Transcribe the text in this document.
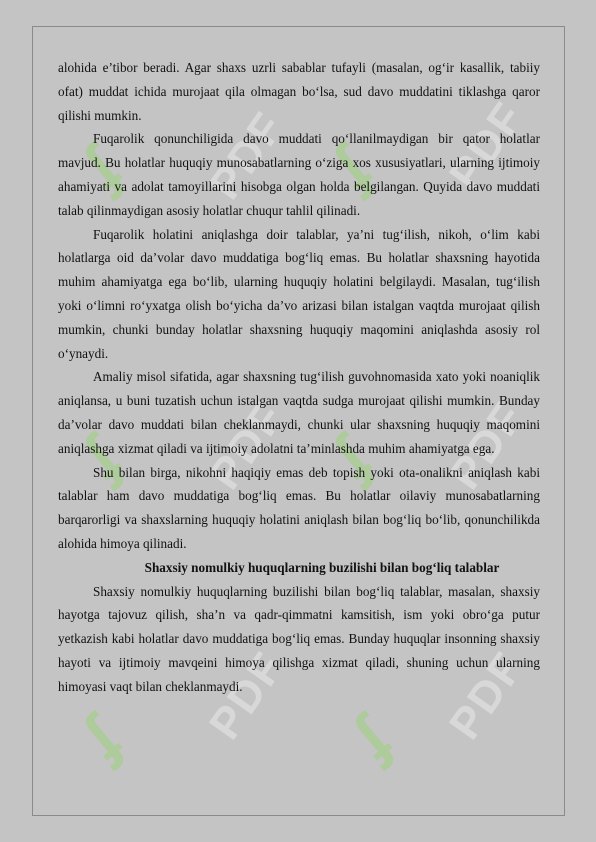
PDF	PDF
PDF	PDF
PDF	PDF
ʄ	ʄ
ʄ	ʄ
ʄ	ʄ

alohida e’tibor beradi. Agar shaxs uzrli sabablar tufayli (masalan, og‘ir kasallik, tabiiy ofat) muddat ichida murojaat qila olmagan bo‘lsa, sud davo muddatini tiklashga qaror qilishi mumkin.

Fuqarolik qonunchiligida davo muddati qo‘llanilmaydigan bir qator holatlar mavjud. Bu holatlar huquqiy munosabatlarning o‘ziga xos xususiyatlari, ularning ijtimoiy ahamiyati va adolat tamoyillarini hisobga olgan holda belgilangan. Quyida davo muddati talab qilinmaydigan asosiy holatlar chuqur tahlil qilinadi.

Fuqarolik holatini aniqlashga doir talablar, ya’ni tug‘ilish, nikoh, o‘lim kabi holatlarga oid da’volar davo muddatiga bog‘liq emas. Bu holatlar shaxsning hayotida muhim ahamiyatga ega bo‘lib, ularning huquqiy holatini belgilaydi. Masalan, tug‘ilish yoki o‘limni ro‘yxatga olish bo‘yicha da’vo arizasi bilan istalgan vaqtda murojaat qilish mumkin, chunki bunday holatlar shaxsning huquqiy maqomini aniqlashda asosiy rol o‘ynaydi.

Amaliy misol sifatida, agar shaxsning tug‘ilish guvohnomasida xato yoki noaniqlik aniqlansa, u buni tuzatish uchun istalgan vaqtda sudga murojaat qilishi mumkin. Bunday da’volar davo muddati bilan cheklanmaydi, chunki ular shaxsning huquqiy maqomini aniqlashga xizmat qiladi va ijtimoiy adolatni ta’minlashda muhim ahamiyatga ega.

Shu bilan birga, nikohni haqiqiy emas deb topish yoki ota-onalikni aniqlash kabi talablar ham davo muddatiga bog‘liq emas. Bu holatlar oilaviy munosabatlarning barqarorligi va shaxslarning huquqiy holatini aniqlash bilan bog‘liq bo‘lib, qonunchilikda alohida himoya qilinadi.

Shaxsiy nomulkiy huquqlarning buzilishi bilan bog‘liq talablar

Shaxsiy nomulkiy huquqlarning buzilishi bilan bog‘liq talablar, masalan, shaxsiy hayotga tajovuz qilish, sha’n va qadr-qimmatni kamsitish, ism yoki obro‘ga putur yetkazish kabi holatlar davo muddatiga bog‘liq emas. Bunday huquqlar insonning shaxsiy hayoti va ijtimoiy mavqeini himoya qilishga xizmat qiladi, shuning uchun ularning himoyasi vaqt bilan cheklanmaydi.
